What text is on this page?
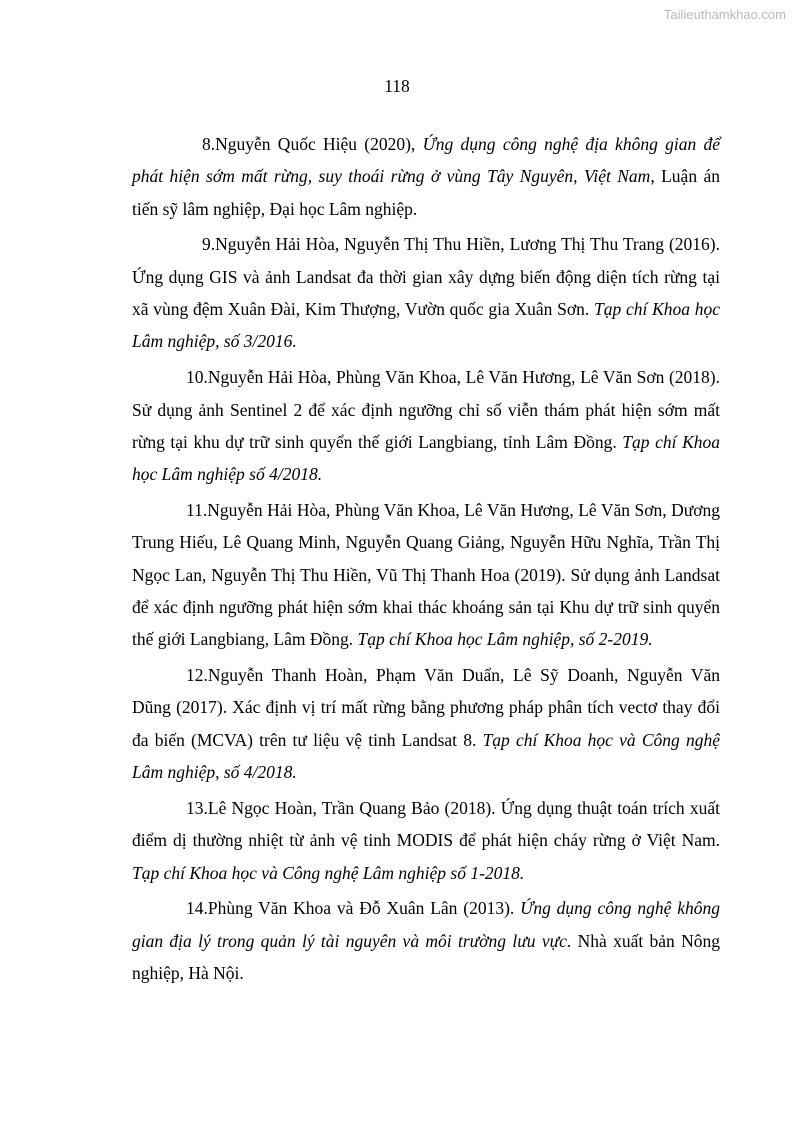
Tailieuthamkhao.com
118

8.Nguyễn Quốc Hiệu (2020), Ứng dụng công nghệ địa không gian để phát hiện sớm mất rừng, suy thoái rừng ở vùng Tây Nguyên, Việt Nam, Luận án tiến sỹ lâm nghiệp, Đại học Lâm nghiệp.

9.Nguyễn Hải Hòa, Nguyễn Thị Thu Hiền, Lương Thị Thu Trang (2016). Ứng dụng GIS và ảnh Landsat đa thời gian xây dựng biến động diện tích rừng tại xã vùng đệm Xuân Đài, Kim Thượng, Vườn quốc gia Xuân Sơn. Tạp chí Khoa học Lâm nghiệp, số 3/2016.

10.Nguyễn Hải Hòa, Phùng Văn Khoa, Lê Văn Hương, Lê Văn Sơn (2018). Sử dụng ảnh Sentinel 2 để xác định ngưỡng chỉ số viễn thám phát hiện sớm mất rừng tại khu dự trữ sinh quyển thế giới Langbiang, tỉnh Lâm Đồng. Tạp chí Khoa học Lâm nghiệp số 4/2018.

11.Nguyễn Hải Hòa, Phùng Văn Khoa, Lê Văn Hương, Lê Văn Sơn, Dương Trung Hiếu, Lê Quang Minh, Nguyễn Quang Giảng, Nguyễn Hữu Nghĩa, Trần Thị Ngọc Lan, Nguyễn Thị Thu Hiền, Vũ Thị Thanh Hoa (2019). Sử dụng ảnh Landsat để xác định ngưỡng phát hiện sớm khai thác khoáng sản tại Khu dự trữ sinh quyển thế giới Langbiang, Lâm Đồng. Tạp chí Khoa học Lâm nghiệp, số 2-2019.

12.Nguyễn Thanh Hoàn, Phạm Văn Duẩn, Lê Sỹ Doanh, Nguyễn Văn Dũng (2017). Xác định vị trí mất rừng bằng phương pháp phân tích vectơ thay đổi đa biến (MCVA) trên tư liệu vệ tinh Landsat 8. Tạp chí Khoa học và Công nghệ Lâm nghiệp, số 4/2018.

13.Lê Ngọc Hoàn, Trần Quang Bảo (2018). Ứng dụng thuật toán trích xuất điểm dị thường nhiệt từ ảnh vệ tinh MODIS để phát hiện cháy rừng ở Việt Nam. Tạp chí Khoa học và Công nghệ Lâm nghiệp số 1-2018.

14.Phùng Văn Khoa và Đỗ Xuân Lân (2013). Ứng dụng công nghệ không gian địa lý trong quản lý tài nguyên và môi trường lưu vực. Nhà xuất bản Nông nghiệp, Hà Nội.
